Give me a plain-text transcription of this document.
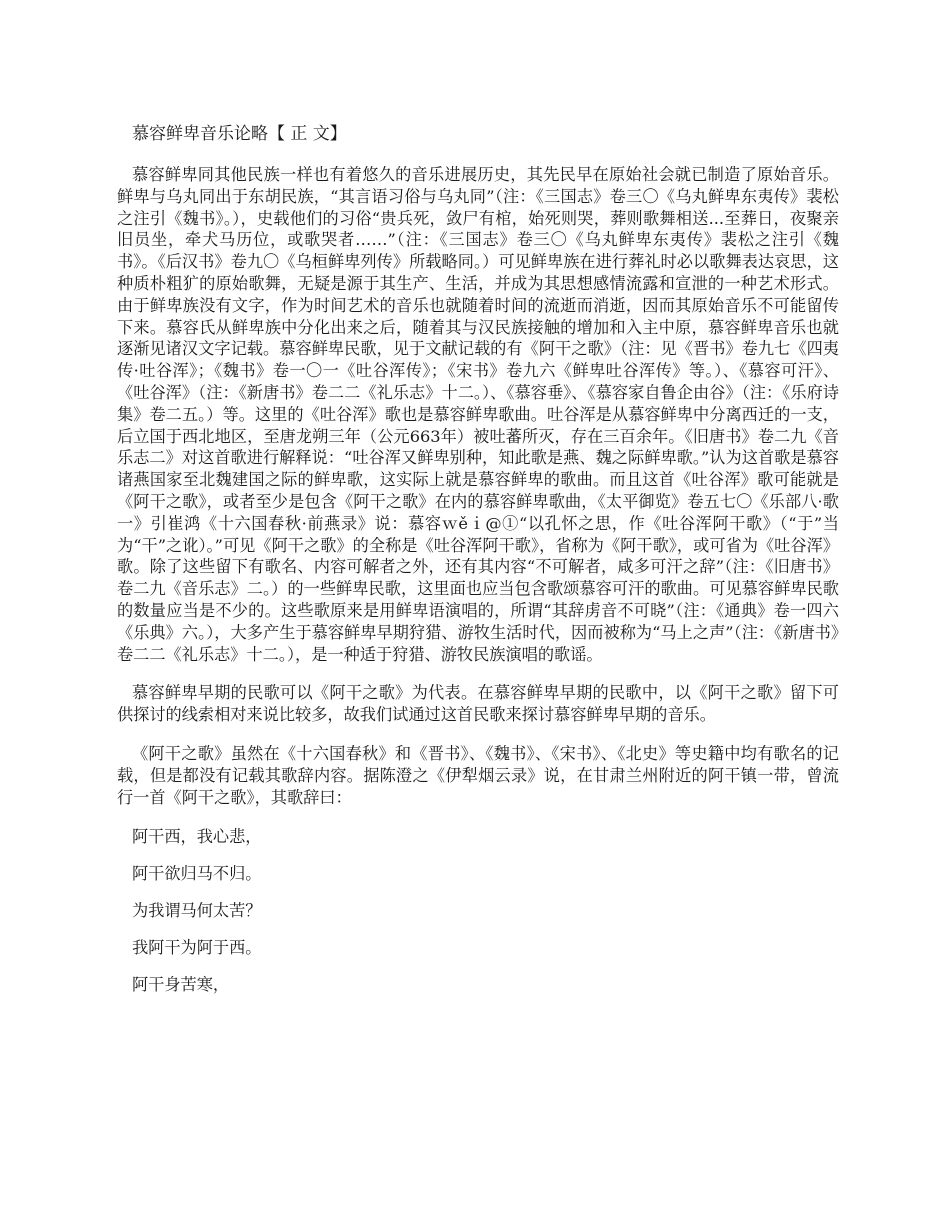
慕容鲜卑音乐论略【 正 文】

慕容鲜卑同其他民族一样也有着悠久的音乐进展历史，其先民早在原始社会就已制造了原始音乐。鲜卑与乌丸同出于东胡民族，“其言语习俗与乌丸同”（注：《三国志》卷三〇《乌丸鲜卑东夷传》裴松之注引《魏书》。），史载他们的习俗“贵兵死，敛尸有棺，始死则哭，葬则歌舞相送...至葬日，夜聚亲旧员坐，牵犬马历位，或歌哭者……”（注：《三国志》卷三〇《乌丸鲜卑东夷传》裴松之注引《魏书》。《后汉书》卷九〇《乌桓鲜卑列传》所载略同。）可见鲜卑族在进行葬礼时必以歌舞表达哀思，这种质朴粗犷的原始歌舞，无疑是源于其生产、生活，并成为其思想感情流露和宣泄的一种艺术形式。由于鲜卑族没有文字，作为时间艺术的音乐也就随着时间的流逝而消逝，因而其原始音乐不可能留传下来。慕容氏从鲜卑族中分化出来之后，随着其与汉民族接触的增加和入主中原，慕容鲜卑音乐也就逐渐见诸汉文字记载。慕容鲜卑民歌，见于文献记载的有《阿干之歌》（注：见《晋书》卷九七《四夷传·吐谷浑》；《魏书》卷一〇一《吐谷浑传》；《宋书》卷九六《鲜卑吐谷浑传》等。）、《慕容可汗》、《吐谷浑》（注：《新唐书》卷二二《礼乐志》十二。）、《慕容垂》、《慕容家自鲁企由谷》（注：《乐府诗集》卷二五。）等。这里的《吐谷浑》歌也是慕容鲜卑歌曲。吐谷浑是从慕容鲜卑中分离西迁的一支，后立国于西北地区，至唐龙朔三年（公元663年）被吐蕃所灭，存在三百余年。《旧唐书》卷二九《音乐志二》对这首歌进行解释说：“吐谷浑又鲜卑别种，知此歌是燕、魏之际鲜卑歌。”认为这首歌是慕容诸燕国家至北魏建国之际的鲜卑歌，这实际上就是慕容鲜卑的歌曲。而且这首《吐谷浑》歌可能就是《阿干之歌》，或者至少是包含《阿干之歌》在内的慕容鲜卑歌曲，《太平御览》卷五七〇《乐部八·歌一》引崔鸿《十六国春秋·前燕录》说：慕容ｗěｉ@①“以孔怀之思，作《吐谷浑阿干歌》（“于”当为“干”之讹）。”可见《阿干之歌》的全称是《吐谷浑阿干歌》，省称为《阿干歌》，或可省为《吐谷浑》歌。除了这些留下有歌名、内容可解者之外，还有其内容“不可解者，咸多可汗之辞”（注：《旧唐书》卷二九《音乐志》二。）的一些鲜卑民歌，这里面也应当包含歌颂慕容可汗的歌曲。可见慕容鲜卑民歌的数量应当是不少的。这些歌原来是用鲜卑语演唱的，所谓“其辞虏音不可晓”（注：《通典》卷一四六《乐典》六。），大多产生于慕容鲜卑早期狩猎、游牧生活时代，因而被称为“马上之声”（注：《新唐书》卷二二《礼乐志》十二。），是一种适于狩猎、游牧民族演唱的歌谣。

慕容鲜卑早期的民歌可以《阿干之歌》为代表。在慕容鲜卑早期的民歌中，以《阿干之歌》留下可供探讨的线索相对来说比较多，故我们试通过这首民歌来探讨慕容鲜卑早期的音乐。

《阿干之歌》虽然在《十六国春秋》和《晋书》、《魏书》、《宋书》、《北史》等史籍中均有歌名的记载，但是都没有记载其歌辞内容。据陈澄之《伊犁烟云录》说，在甘肃兰州附近的阿干镇一带，曾流行一首《阿干之歌》，其歌辞曰：

阿干西，我心悲，

阿干欲归马不归。

为我谓马何太苦？

我阿干为阿于西。

阿干身苦寒，
